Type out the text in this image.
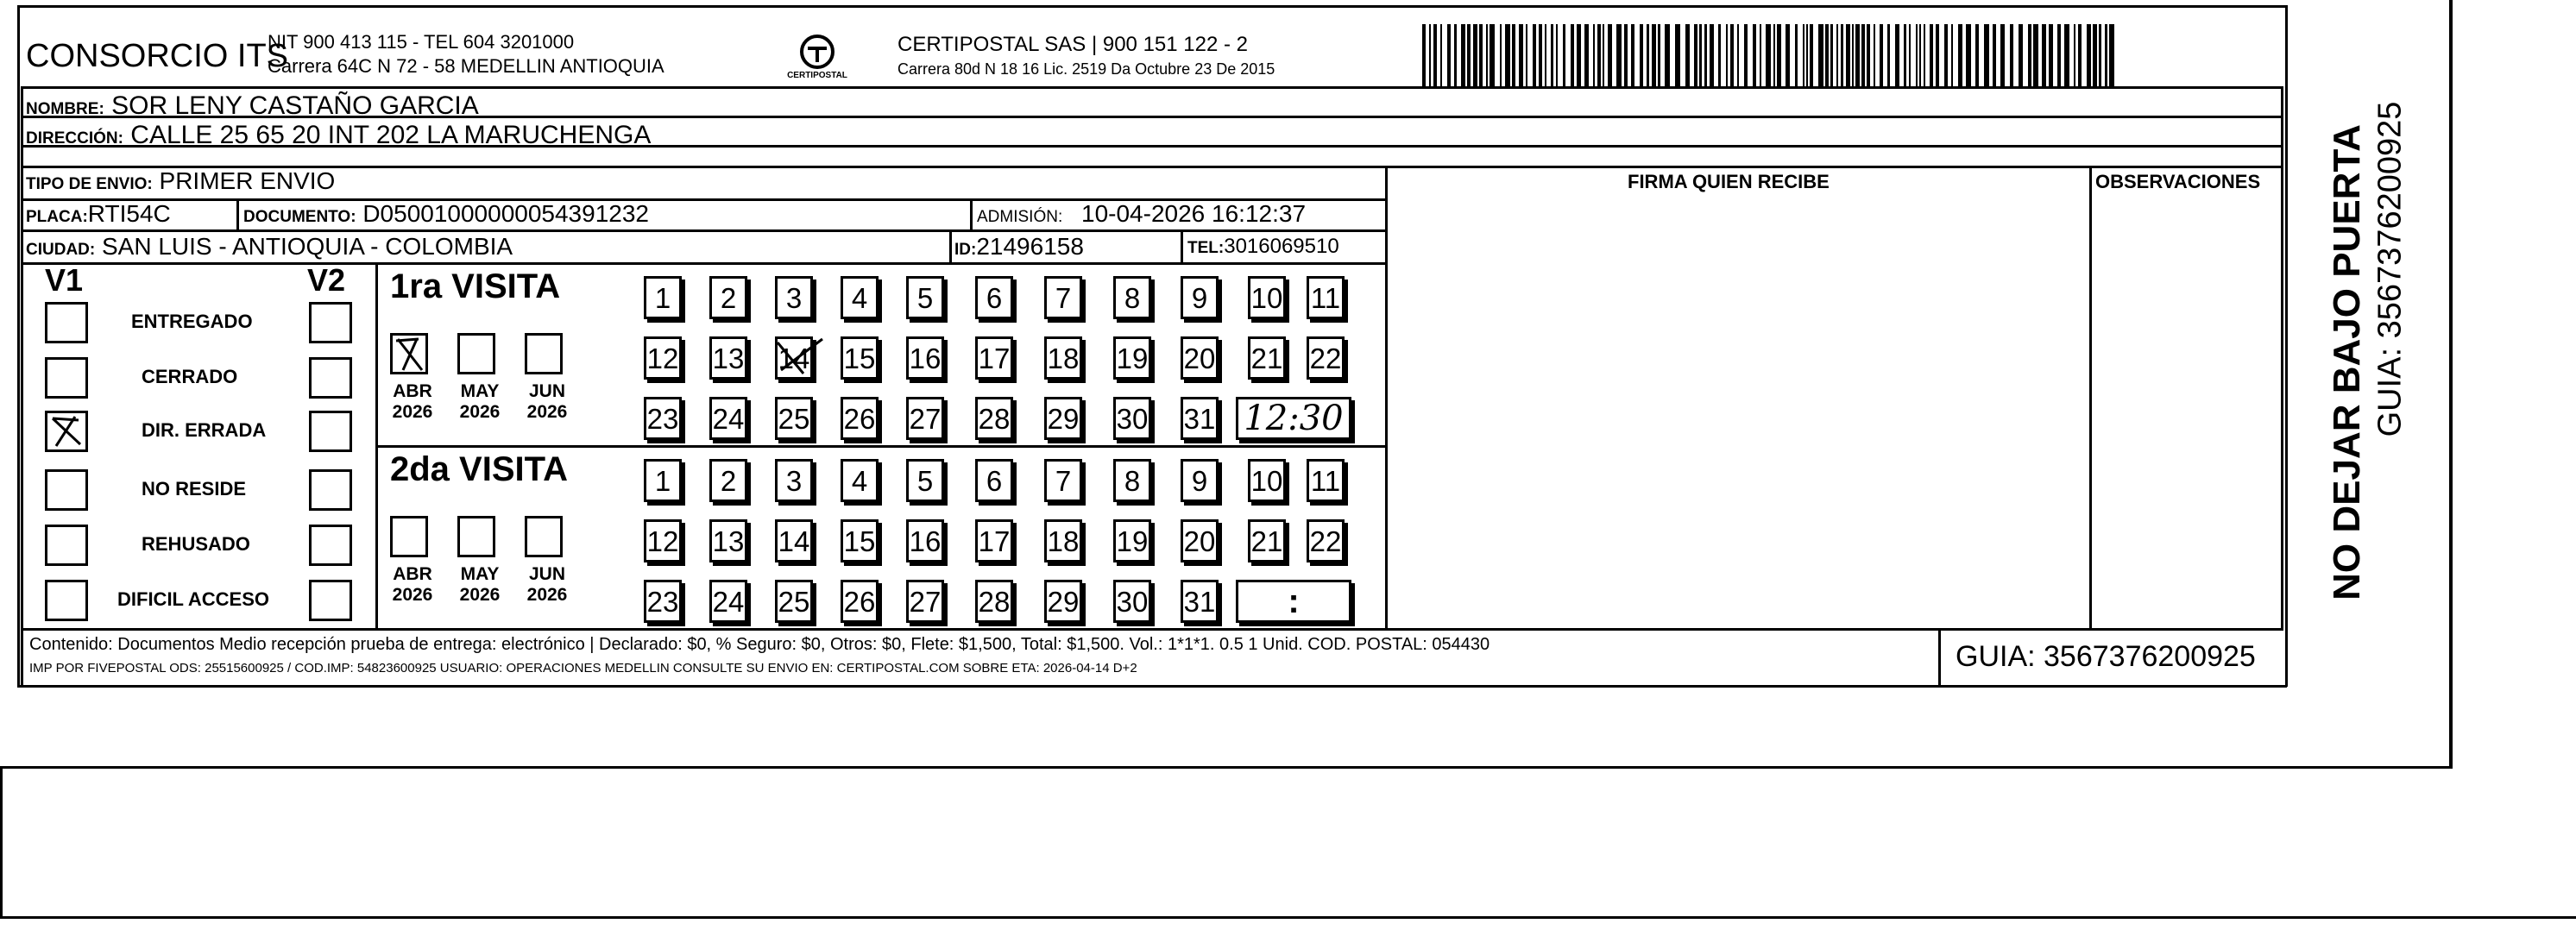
CONSORCIO ITS
NIT 900 413 115 - TEL 604 3201000
Carrera 64C N 72 - 58 MEDELLIN ANTIOQUIA	CERTIPOSTAL
CERTIPOSTAL SAS | 900 151 122 - 2
Carrera 80d N 18 16 Lic. 2519 Da Octubre 23 De 2015
NOMBRE: SOR LENY CASTAÑO GARCIA
DIRECCIÓN: CALLE 25 65 20 INT 202 LA MARUCHENGA
TIPO DE ENVIO: PRIMER ENVIO	FIRMA QUIEN RECIBE	OBSERVACIONES
PLACA:RTI54C	DOCUMENTO: D05001000000054391232	ADMISIÓN: 10-04-2026 16:12:37
CIUDAD: SAN LUIS - ANTIOQUIA - COLOMBIA	ID:21496158	TEL:3016069510
V1	V2
ENTREGADO
CERRADO
DIR. ERRADA
NO RESIDE
REHUSADO
DIFICIL ACCESO
1ra VISITA
2da VISITA
ABR
2026
MAY
2026
JUN
2026
1	2	3	4	5	6	7	8	9	10 11
12 13 14 15 16 17 18 19 20 21 22
23 24 25 26 27 28 29 30 31 12:30
ABR
2026
MAY
2026
JUN
2026
1	2	3	4	5	6	7	8	9	10 11
12 13 14 15 16 17 18 19 20 21 22
23 24 25 26 27 28 29 30 31	:
Contenido: Documentos Medio recepción prueba de entrega: electrónico | Declarado: $0, % Seguro: $0, Otros: $0, Flete: $1,500, Total: $1,500. Vol.: 1*1*1. 0.5 1 Unid. COD. POSTAL: 054430
IMP POR FIVEPOSTAL ODS: 25515600925 / COD.IMP: 54823600925 USUARIO: OPERACIONES MEDELLIN CONSULTE SU ENVIO EN: CERTIPOSTAL.COM SOBRE ETA: 2026-04-14 D+2	GUIA: 3567376200925
NO DEJAR BAJO PUERTA GUIA: 3567376200925
